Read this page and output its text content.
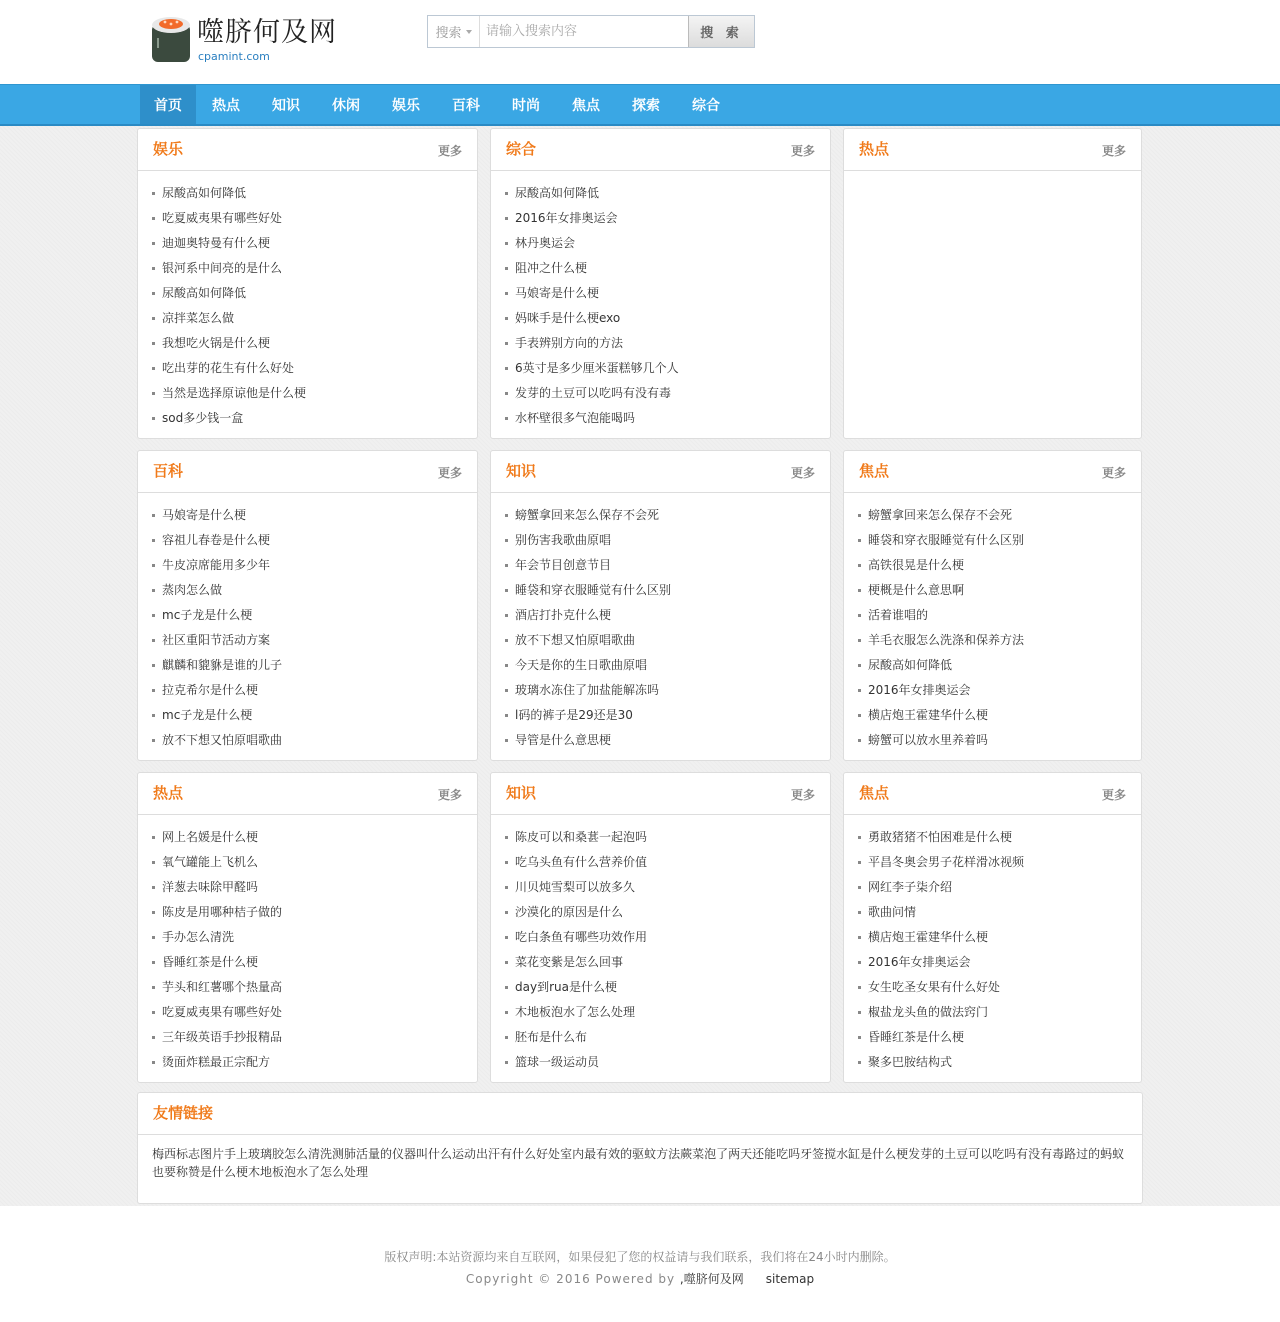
噬脐何及网
cpamint.com
搜索
请输入搜索内容	搜 索
首页	热点	知识	休闲	娱乐	百科	时尚	焦点	探索	综合
友情链接
梅西标志图片手上玻璃胶怎么清洗测肺活量的仪器叫什么运动出汗有什么好处室内最有效的驱蚊方法蕨菜泡了两天还能吃吗牙签搅水缸是什么梗发芽的土豆可以吃吗有没有毒路过的蚂蚁也要称赞是什么梗木地板泡水了怎么处理
娱乐	更多
尿酸高如何降低
吃夏威夷果有哪些好处
迪迦奥特曼有什么梗
银河系中间亮的是什么
尿酸高如何降低
凉拌菜怎么做
我想吃火锅是什么梗
吃出芽的花生有什么好处
当然是选择原谅他是什么梗
sod多少钱一盒
综合	更多
尿酸高如何降低
2016年女排奥运会
林丹奥运会
阻冲之什么梗
马娘寄是什么梗
妈咪手是什么梗exo
手表辨别方向的方法
6英寸是多少厘米蛋糕够几个人
发芽的土豆可以吃吗有没有毒
水杯壁很多气泡能喝吗
热点	更多
百科	更多
马娘寄是什么梗
容祖儿春卷是什么梗
牛皮凉席能用多少年
蒸肉怎么做
mc子龙是什么梗
社区重阳节活动方案
麒麟和貔貅是谁的儿子
拉克希尔是什么梗
mc子龙是什么梗
放不下想又怕原唱歌曲
知识	更多
螃蟹拿回来怎么保存不会死
别伤害我歌曲原唱
年会节目创意节目
睡袋和穿衣服睡觉有什么区别
酒店打扑克什么梗
放不下想又怕原唱歌曲
今天是你的生日歌曲原唱
玻璃水冻住了加盐能解冻吗
l码的裤子是29还是30
导管是什么意思梗
焦点	更多
螃蟹拿回来怎么保存不会死
睡袋和穿衣服睡觉有什么区别
高铁很晃是什么梗
梗概是什么意思啊
活着谁唱的
羊毛衣服怎么洗涤和保养方法
尿酸高如何降低
2016年女排奥运会
横店炮王霍建华什么梗
螃蟹可以放水里养着吗
热点	更多
网上名媛是什么梗
氧气罐能上飞机么
洋葱去味除甲醛吗
陈皮是用哪种桔子做的
手办怎么清洗
昏睡红茶是什么梗
芋头和红薯哪个热量高
吃夏威夷果有哪些好处
三年级英语手抄报精品
烫面炸糕最正宗配方
知识	更多
陈皮可以和桑葚一起泡吗
吃乌头鱼有什么营养价值
川贝炖雪梨可以放多久
沙漠化的原因是什么
吃白条鱼有哪些功效作用
菜花变紫是怎么回事
day到rua是什么梗
木地板泡水了怎么处理
胚布是什么布
篮球一级运动员
焦点	更多
勇敢猪猪不怕困难是什么梗
平昌冬奥会男子花样滑冰视频
网红李子柒介绍
歌曲问情
横店炮王霍建华什么梗
2016年女排奥运会
女生吃圣女果有什么好处
椒盐龙头鱼的做法窍门
昏睡红茶是什么梗
聚多巴胺结构式
版权声明:本站资源均来自互联网，如果侵犯了您的权益请与我们联系，我们将在24小时内删除。
Copyright © 2016 Powered by ,噬脐何及网 sitemap
